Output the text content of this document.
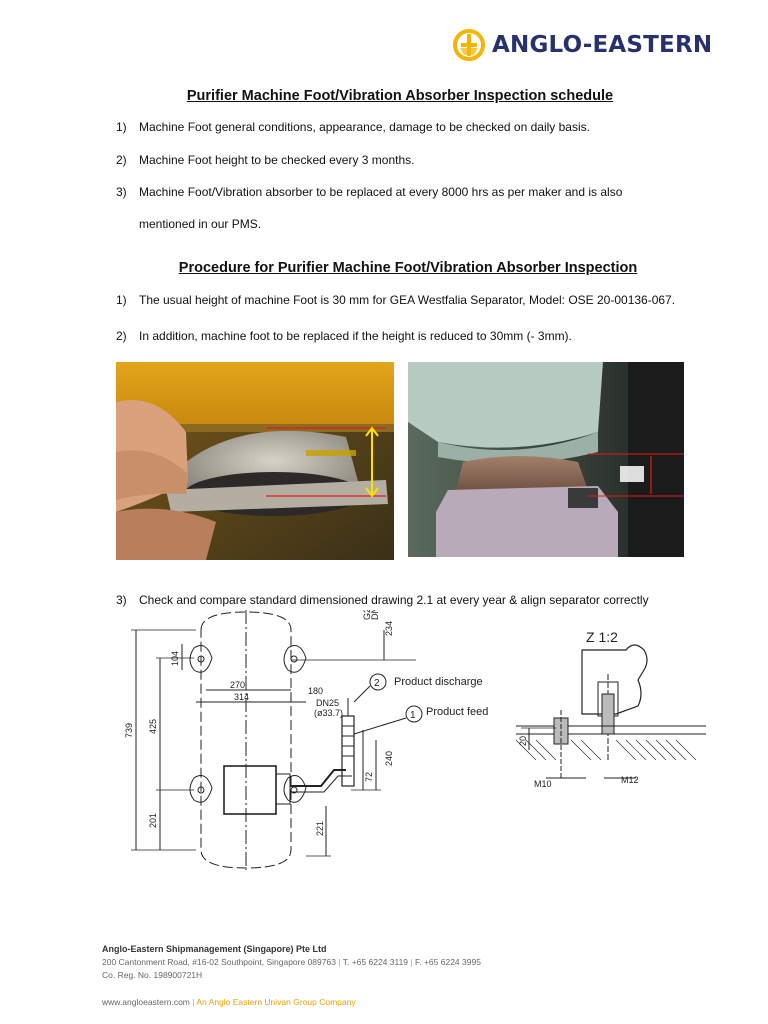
ANGLO-EASTERN
Purifier Machine Foot/Vibration Absorber Inspection schedule
1) Machine Foot general conditions, appearance, damage to be checked on daily basis.
2) Machine Foot height to be checked every 3 months.
3) Machine Foot/Vibration absorber to be replaced at every 8000 hrs as per maker and is also
mentioned in our PMS.
Procedure for Purifier Machine Foot/Vibration Absorber Inspection
1) The usual height of machine Foot is 30 mm for GEA Westfalia Separator, Model: OSE 20-00136-067.
2) In addition, machine foot to be replaced if the height is reduced to 30mm (- 3mm).
3) Check and compare standard dimensioned drawing 2.1 at every year & align separator correctly
270
314
180
DN25
(ø33.7)
2
1
Product discharge
Product feed
739 425
201
104
221
234
G2
DN
240
72
Z 1:2
20
M10	M12
Anglo-Eastern Shipmanagement (Singapore) Pte Ltd
200 Cantonment Road, #16-02 Southpoint, Singapore 089763 | T. +65 6224 3119 | F. +65 6224 3995
Co. Reg. No. 198900721H
www.angloeastern.com | An Anglo Eastern Univan Group Company
